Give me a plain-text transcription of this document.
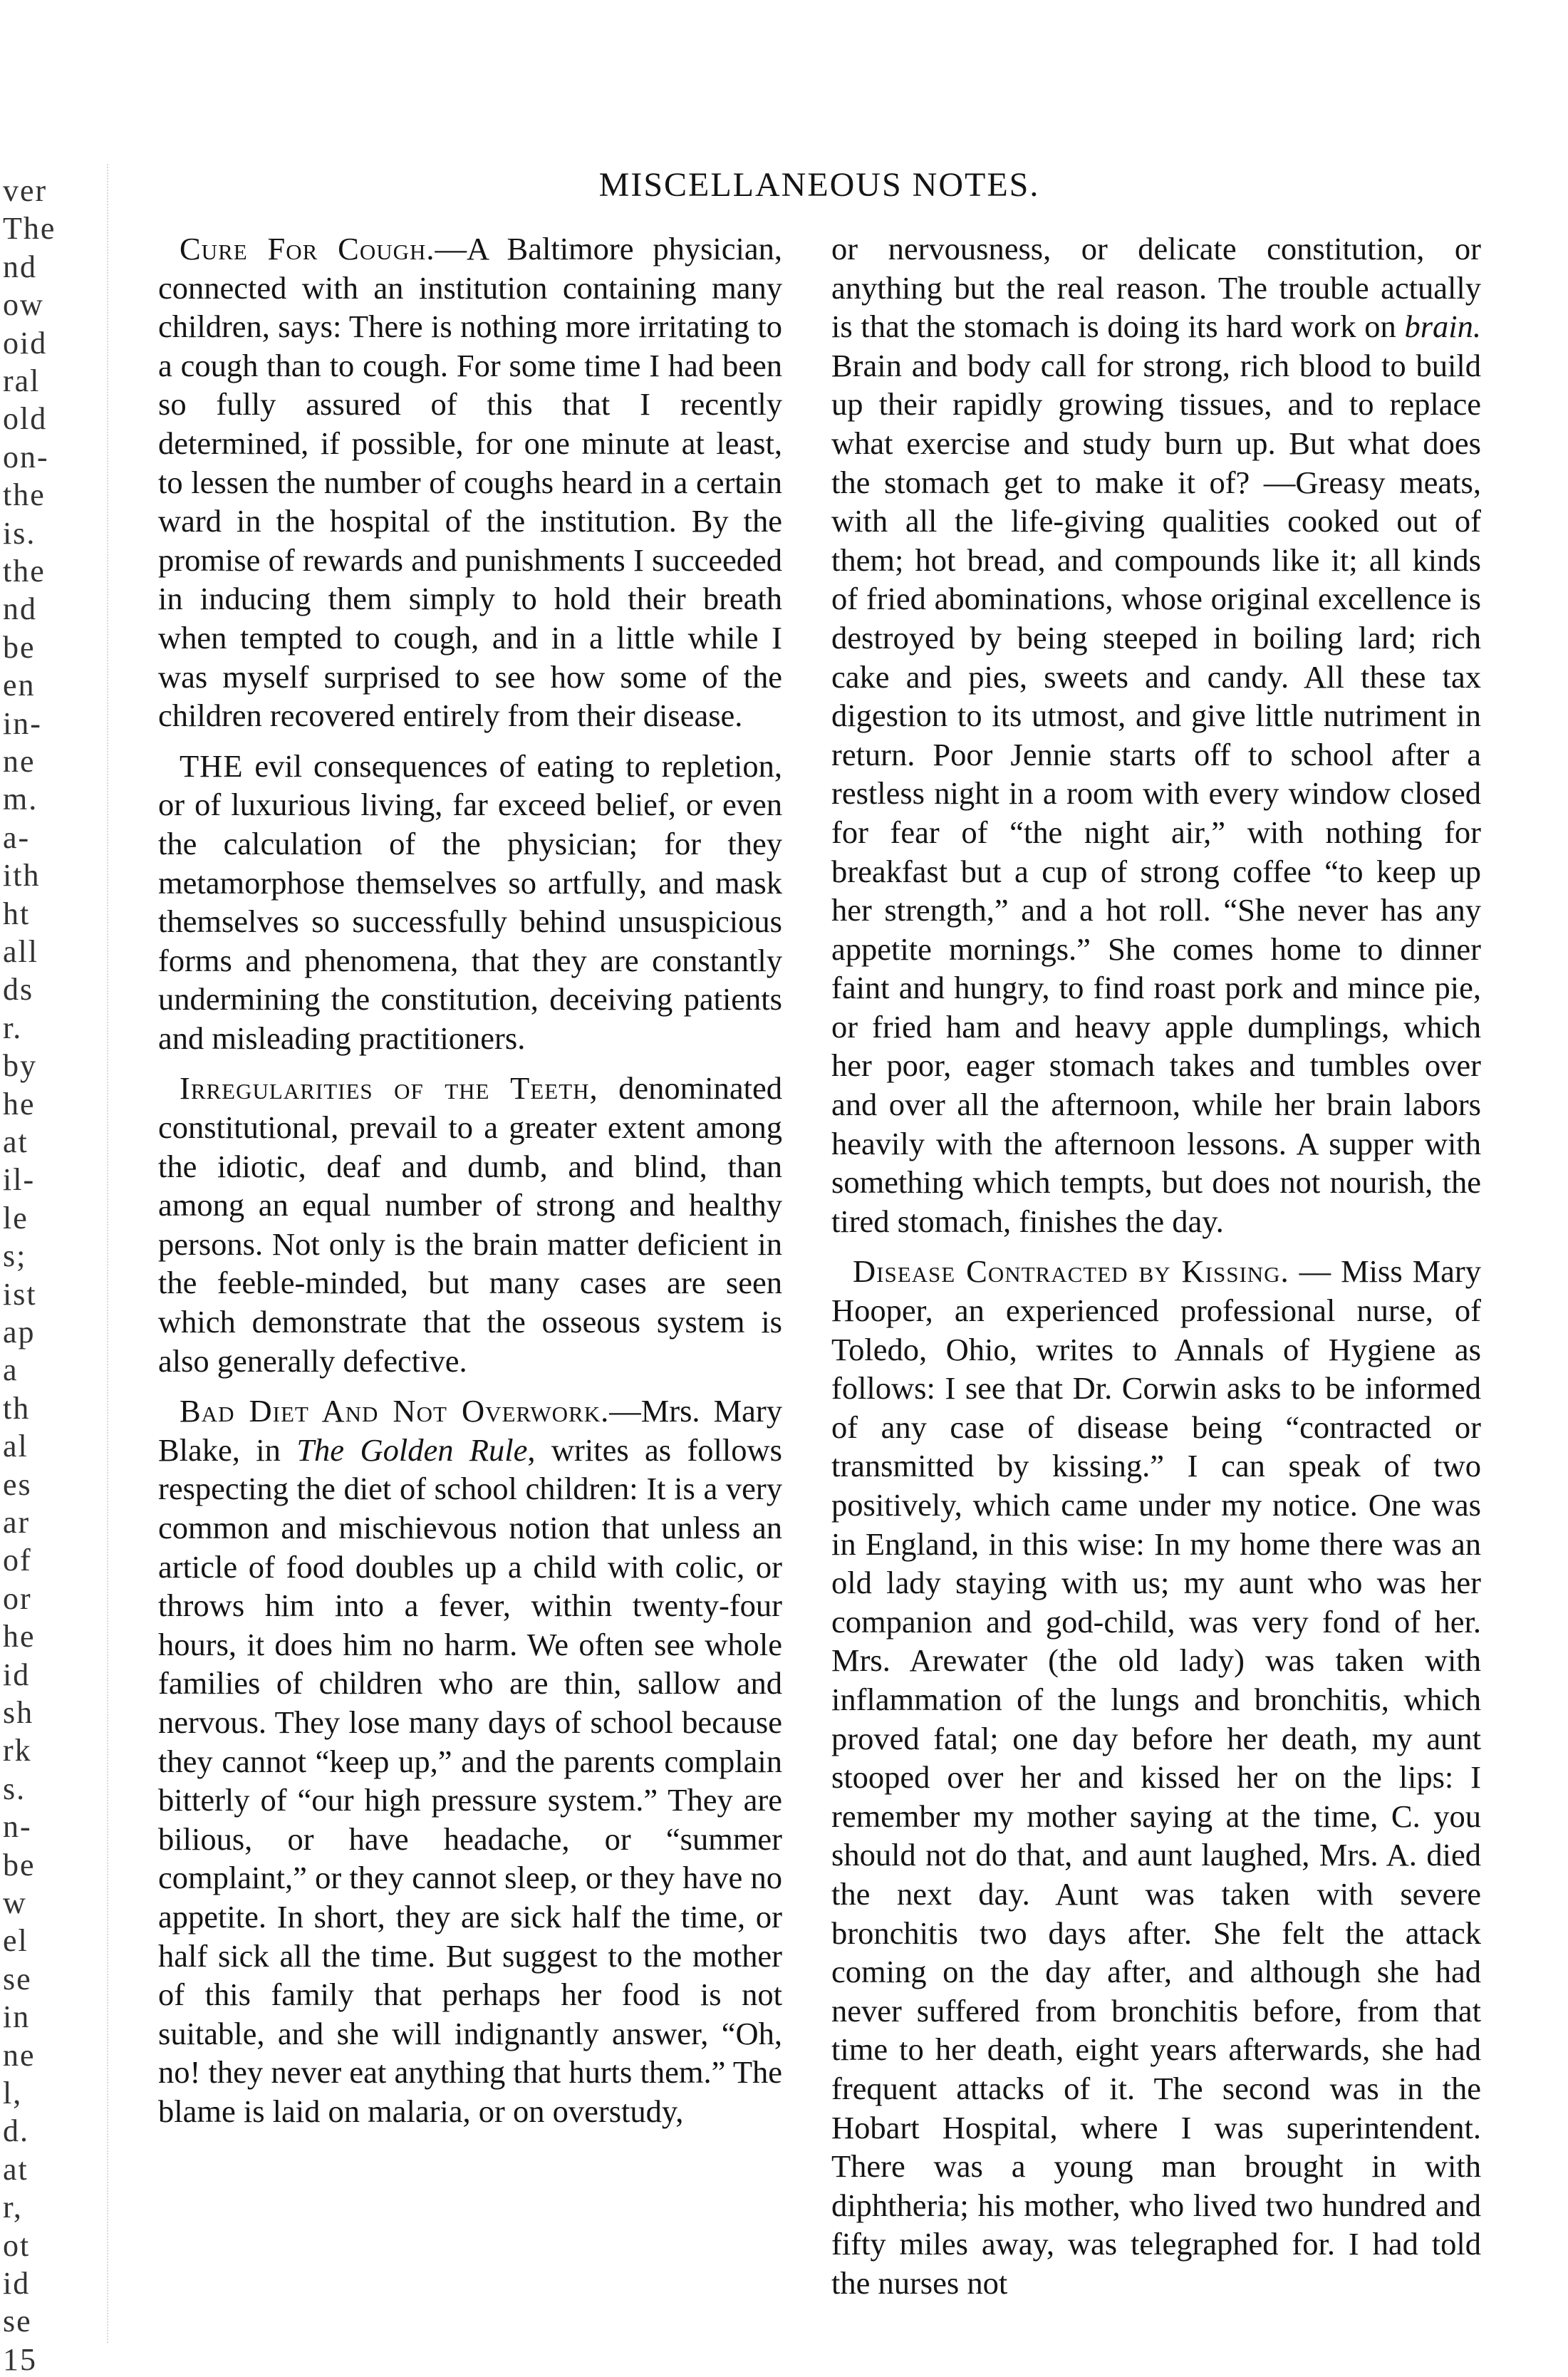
ver
The
nd
ow
oid
ral
old
on-
the
is.
the
nd
be
en
in-
ne
m.
a-
ith
ht
all
ds
r.
by
he
at
il-
le
s;
ist
ap
a
th
al
es
ar
of
or
he
id
sh
rk
s.
n-
be
w
el
se
in
ne
l,
d.
at
r,
ot
id
se
15
MISCELLANEOUS NOTES.

Cure For Cough.—A Baltimore physician, connected with an institution containing many children, says: There is nothing more irritating to a cough than to cough. For some time I had been so fully assured of this that I recently determined, if possible, for one minute at least, to lessen the number of coughs heard in a certain ward in the hospital of the institution. By the promise of rewards and punishments I succeeded in inducing them simply to hold their breath when tempted to cough, and in a little while I was myself surprised to see how some of the children recovered entirely from their disease.

THE evil consequences of eating to repletion, or of luxurious living, far exceed belief, or even the calculation of the physician; for they metamorphose themselves so artfully, and mask themselves so successfully behind unsuspicious forms and phenomena, that they are constantly undermining the constitution, deceiving patients and misleading practitioners.

Irregularities of the Teeth, denominated constitutional, prevail to a greater extent among the idiotic, deaf and dumb, and blind, than among an equal number of strong and healthy persons. Not only is the brain matter deficient in the feeble-minded, but many cases are seen which demonstrate that the osseous system is also generally defective.

Bad Diet And Not Overwork.—Mrs. Mary Blake, in The Golden Rule, writes as follows respecting the diet of school children: It is a very common and mischievous notion that unless an article of food doubles up a child with colic, or throws him into a fever, within twenty-four hours, it does him no harm. We often see whole families of children who are thin, sallow and nervous. They lose many days of school because they cannot “keep up,” and the parents complain bitterly of “our high pressure system.” They are bilious, or have headache, or “summer complaint,” or they cannot sleep, or they have no appetite. In short, they are sick half the time, or half sick all the time. But suggest to the mother of this family that perhaps her food is not suitable, and she will indignantly answer, “Oh, no! they never eat anything that hurts them.” The blame is laid on malaria, or on overstudy,

or nervousness, or delicate constitution, or anything but the real reason. The trouble actually is that the stomach is doing its hard work on brain. Brain and body call for strong, rich blood to build up their rapidly growing tissues, and to replace what exercise and study burn up. But what does the stomach get to make it of? —Greasy meats, with all the life-giving qualities cooked out of them; hot bread, and compounds like it; all kinds of fried abominations, whose original excellence is destroyed by being steeped in boiling lard; rich cake and pies, sweets and candy. All these tax digestion to its utmost, and give little nutriment in return. Poor Jennie starts off to school after a restless night in a room with every window closed for fear of “the night air,” with nothing for breakfast but a cup of strong coffee “to keep up her strength,” and a hot roll. “She never has any appetite mornings.” She comes home to dinner faint and hungry, to find roast pork and mince pie, or fried ham and heavy apple dumplings, which her poor, eager stomach takes and tumbles over and over all the afternoon, while her brain labors heavily with the afternoon lessons. A supper with something which tempts, but does not nourish, the tired stomach, finishes the day.

Disease Contracted by Kissing. — Miss Mary Hooper, an experienced professional nurse, of Toledo, Ohio, writes to Annals of Hygiene as follows: I see that Dr. Corwin asks to be informed of any case of disease being “contracted or transmitted by kissing.” I can speak of two positively, which came under my notice. One was in England, in this wise: In my home there was an old lady staying with us; my aunt who was her companion and god-child, was very fond of her. Mrs. Arewater (the old lady) was taken with inflammation of the lungs and bronchitis, which proved fatal; one day before her death, my aunt stooped over her and kissed her on the lips: I remember my mother saying at the time, C. you should not do that, and aunt laughed, Mrs. A. died the next day. Aunt was taken with severe bronchitis two days after. She felt the attack coming on the day after, and although she had never suffered from bronchitis before, from that time to her death, eight years afterwards, she had frequent attacks of it. The second was in the Hobart Hospital, where I was superintendent. There was a young man brought in with diphtheria; his mother, who lived two hundred and fifty miles away, was telegraphed for. I had told the nurses not
